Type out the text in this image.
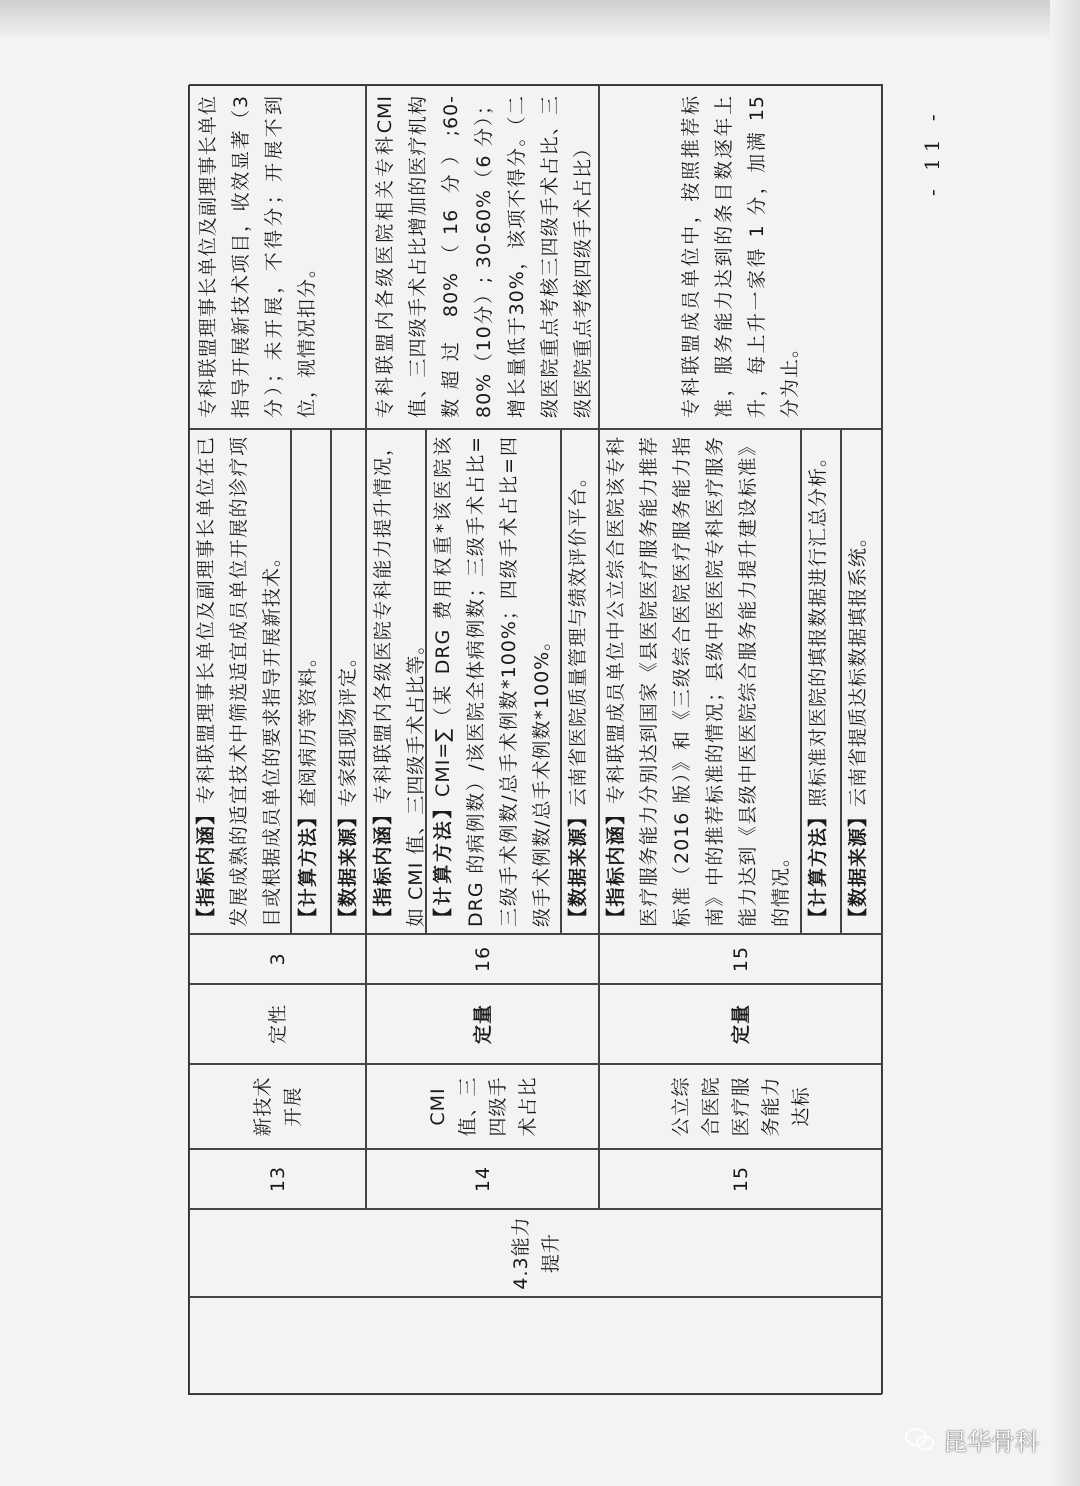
4.3能力提升
13
新技术开展
定性
3
【指标内涵】专科联盟理事长单位及副理事长单位在已发展成熟的适宜技术中筛选适宜成员单位开展的诊疗项目或根据成员单位的要求指导开展新技术。 【计算方法】查阅病历等资料。
【数据来源】专家组现场评定。
专科联盟理事长单位及副理事长单位指导开展新技术项目，收效显著（3分）；未开展，不得分；开展不到位，视情况扣分。
14
CMI值、三四级手术占比
定量
16
【指标内涵】专科联盟内各级医院专科能力提升情况，如 CMI 值、三四级手术占比等。 【计算方法】CMI=∑（某 DRG 费用权重*该医院该 DRG 的病例数）/该医院全体病例数；三级手术占比=三级手术例数/总手术例数*100%；四级手术占比=四级手术例数/总手术例数*100%。 【数据来源】云南省医院质量管理与绩效评价平台。
专科联盟内各级医院相关专科CMI值、三四级手术占比增加的医疗机构数超过 80%（16 分）;60-80%（10分）; 30-60%（6 分）；增长量低于30%，该项不得分。（二级医院重点考核三四级手术占比、三级医院重点考核四级手术占比）
15
公立综合医院医疗服务能力达标
定量
15
【指标内涵】专科联盟成员单位中公立综合医院该专科医疗服务能力分别达到国家《县医院医疗服务能力推荐标准（2016 版）》和《三级综合医院医疗服务能力指南》中的推荐标准的情况；县级中医医院专科医疗服务能力达到《县级中医医院综合服务能力提升建设标准》的情况。 【计算方法】照标准对医院的填报数据进行汇总分析。
【数据来源】云南省提质达标数据填报系统。
专科联盟成员单位中，按照推荐标准，服务能力达到的条目数逐年上升，每上升一家得 1 分，加满 15 分为止。
- 11 -
昆华骨科
